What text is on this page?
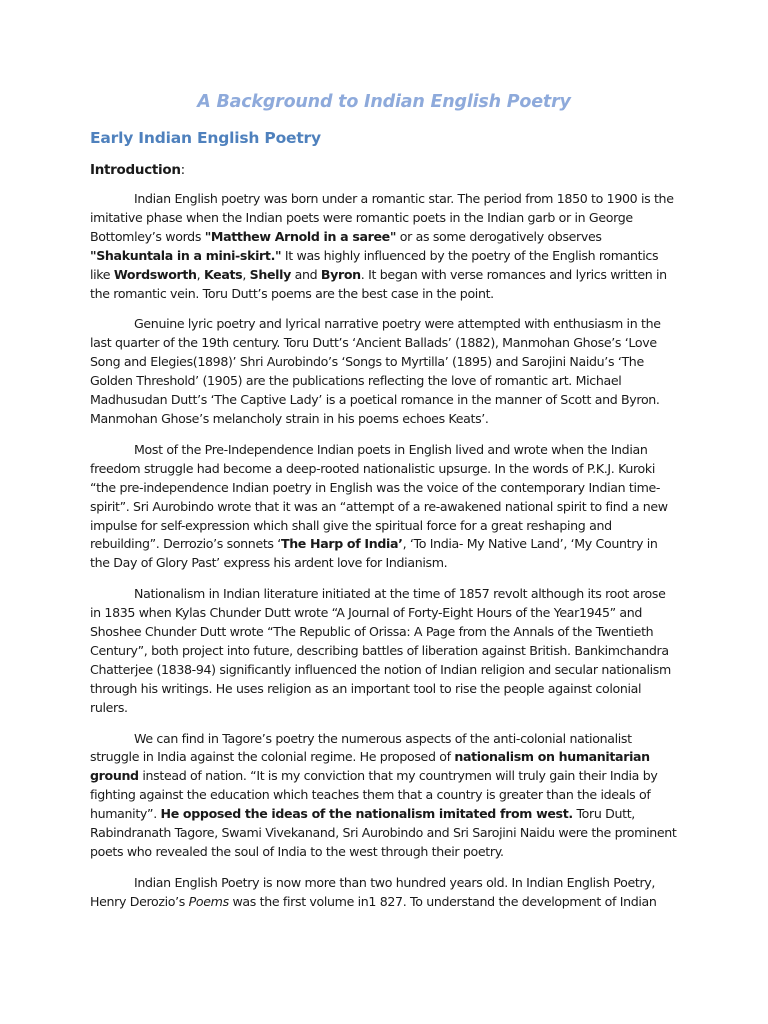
A Background to Indian English Poetry
Early Indian English Poetry
Introduction:

Indian English poetry was born under a romantic star. The period from 1850 to 1900 is the imitative phase when the Indian poets were romantic poets in the Indian garb or in George Bottomley’s words "Matthew Arnold in a saree" or as some derogatively observes "Shakuntala in a mini-skirt." It was highly influenced by the poetry of the English romantics like Wordsworth, Keats, Shelly and Byron. It began with verse romances and lyrics written in the romantic vein. Toru Dutt’s poems are the best case in the point.

Genuine lyric poetry and lyrical narrative poetry were attempted with enthusiasm in the last quarter of the 19th century. Toru Dutt’s ‘Ancient Ballads’ (1882), Manmohan Ghose’s ‘Love Song and Elegies(1898)’ Shri Aurobindo’s ‘Songs to Myrtilla’ (1895) and Sarojini Naidu’s ‘The Golden Threshold’ (1905) are the publications reflecting the love of romantic art. Michael Madhusudan Dutt’s ‘The Captive Lady’ is a poetical romance in the manner of Scott and Byron. Manmohan Ghose’s melancholy strain in his poems echoes Keats’.

Most of the Pre-Independence Indian poets in English lived and wrote when the Indian freedom struggle had become a deep-rooted nationalistic upsurge. In the words of P.K.J. Kuroki “the pre-independence Indian poetry in English was the voice of the contemporary Indian time-spirit”. Sri Aurobindo wrote that it was an “attempt of a re-awakened national spirit to find a new impulse for self-expression which shall give the spiritual force for a great reshaping and rebuilding”. Derrozio’s sonnets ‘The Harp of India’, ‘To India- My Native Land’, ‘My Country in the Day of Glory Past’ express his ardent love for Indianism.

Nationalism in Indian literature initiated at the time of 1857 revolt although its root arose in 1835 when Kylas Chunder Dutt wrote “A Journal of Forty-Eight Hours of the Year1945” and Shoshee Chunder Dutt wrote “The Republic of Orissa: A Page from the Annals of the Twentieth Century”, both project into future, describing battles of liberation against British. Bankimchandra Chatterjee (1838-94) significantly influenced the notion of Indian religion and secular nationalism through his writings. He uses religion as an important tool to rise the people against colonial rulers.

We can find in Tagore’s poetry the numerous aspects of the anti-colonial nationalist struggle in India against the colonial regime. He proposed of nationalism on humanitarian ground instead of nation. “It is my conviction that my countrymen will truly gain their India by fighting against the education which teaches them that a country is greater than the ideals of humanity”. He opposed the ideas of the nationalism imitated from west. Toru Dutt, Rabindranath Tagore, Swami Vivekanand, Sri Aurobindo and Sri Sarojini Naidu were the prominent poets who revealed the soul of India to the west through their poetry.

Indian English Poetry is now more than two hundred years old. In Indian English Poetry, Henry Derozio’s Poems was the first volume in1 827. To understand the development of Indian
